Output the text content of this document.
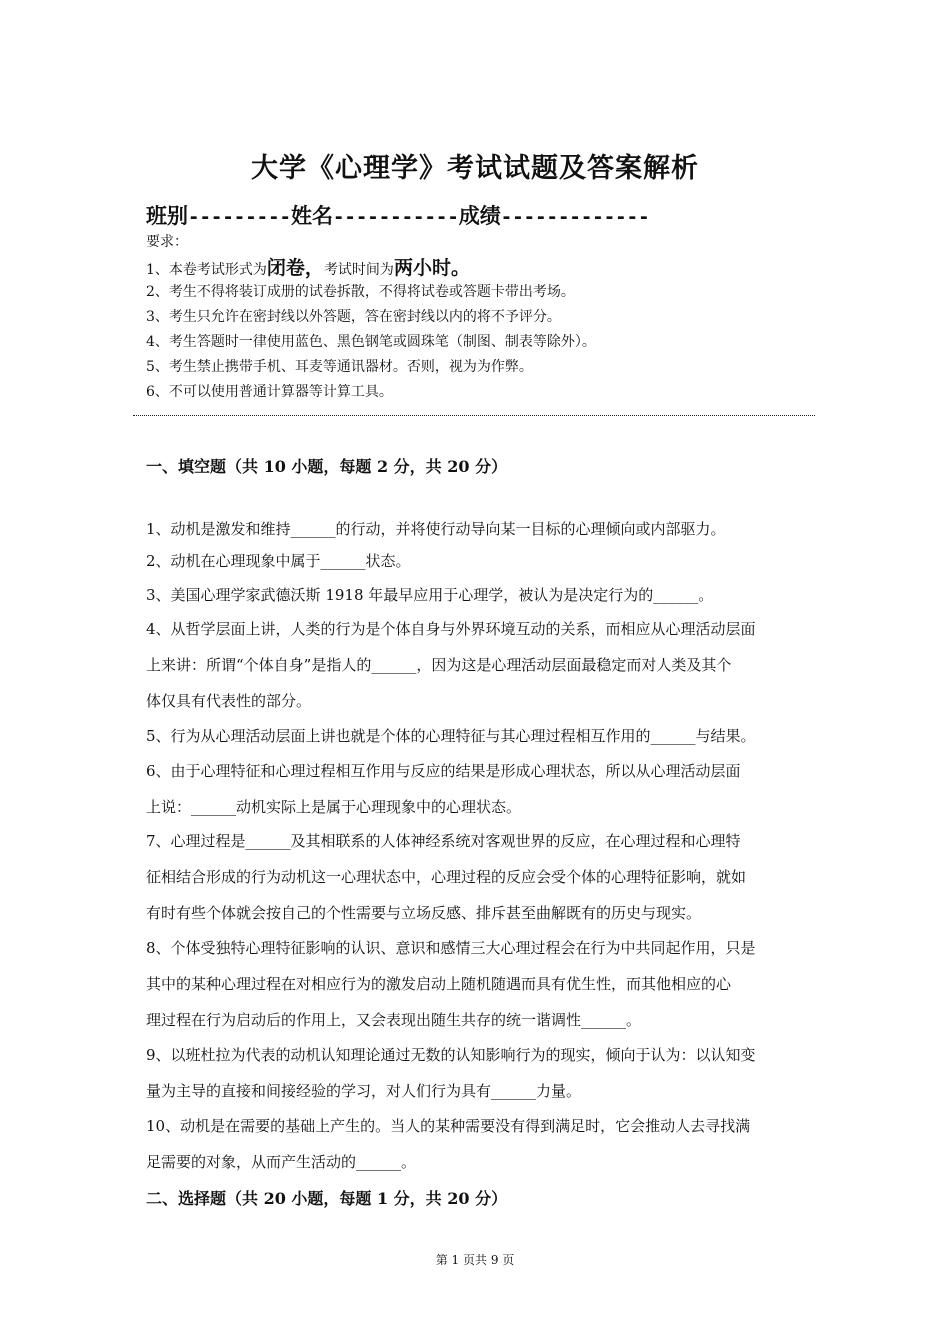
大学《心理学》考试试题及答案解析
班别---------姓名-----------成绩-------------
要求：
1、本卷考试形式为闭卷，考试时间为两小时。
2、考生不得将装订成册的试卷拆散，不得将试卷或答题卡带出考场。
3、考生只允许在密封线以外答题，答在密封线以内的将不予评分。
4、考生答题时一律使用蓝色、黑色钢笔或圆珠笔（制图、制表等除外）。
5、考生禁止携带手机、耳麦等通讯器材。否则，视为为作弊。
6、不可以使用普通计算器等计算工具。
一、填空题（共 10 小题，每题 2 分，共 20 分）
1、动机是激发和维持______的行动，并将使行动导向某一目标的心理倾向或内部驱力。
2、动机在心理现象中属于______状态。
3、美国心理学家武德沃斯 1918 年最早应用于心理学，被认为是决定行为的______。
4、从哲学层面上讲，人类的行为是个体自身与外界环境互动的关系，而相应从心理活动层面
上来讲：所谓“个体自身”是指人的______，因为这是心理活动层面最稳定而对人类及其个
体仅具有代表性的部分。
5、行为从心理活动层面上讲也就是个体的心理特征与其心理过程相互作用的______与结果。
6、由于心理特征和心理过程相互作用与反应的结果是形成心理状态，所以从心理活动层面
上说：______动机实际上是属于心理现象中的心理状态。
7、心理过程是______及其相联系的人体神经系统对客观世界的反应，在心理过程和心理特
征相结合形成的行为动机这一心理状态中，心理过程的反应会受个体的心理特征影响，就如
有时有些个体就会按自己的个性需要与立场反感、排斥甚至曲解既有的历史与现实。
8、个体受独特心理特征影响的认识、意识和感情三大心理过程会在行为中共同起作用，只是
其中的某种心理过程在对相应行为的激发启动上随机随遇而具有优生性，而其他相应的心
理过程在行为启动后的作用上，又会表现出随生共存的统一谐调性______。
9、以班杜拉为代表的动机认知理论通过无数的认知影响行为的现实，倾向于认为：以认知变
量为主导的直接和间接经验的学习，对人们行为具有______力量。
10、动机是在需要的基础上产生的。当人的某种需要没有得到满足时，它会推动人去寻找满
足需要的对象，从而产生活动的______。
二、选择题（共 20 小题，每题 1 分，共 20 分）
第 1 页共 9 页
